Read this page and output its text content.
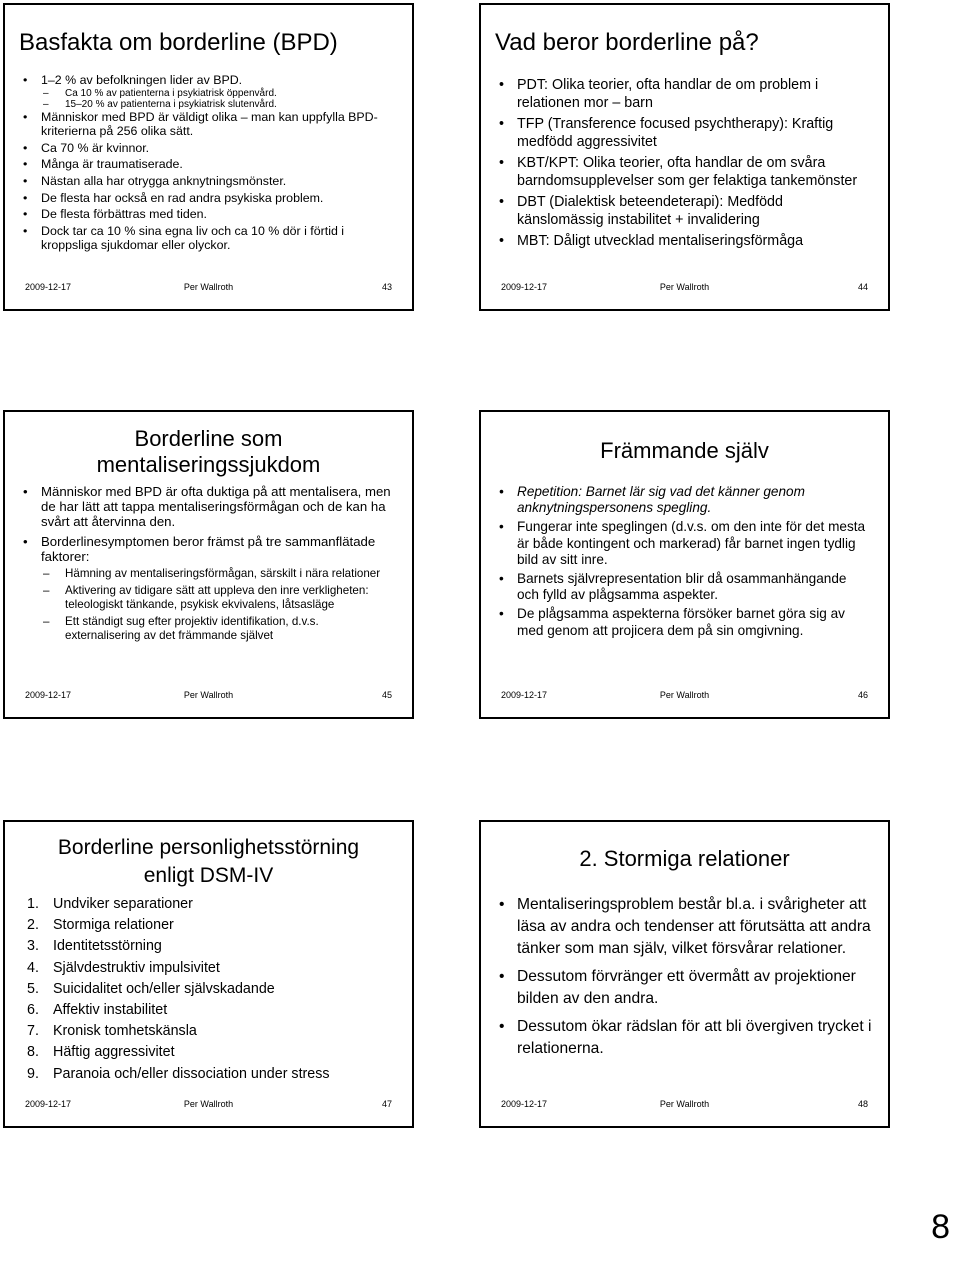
Basfakta om borderline (BPD)
• 1–2 % av befolkningen lider av BPD.
– Ca 10 % av patienterna i psykiatrisk öppenvård.
– 15–20 % av patienterna i psykiatrisk slutenvård.
• Människor med BPD är väldigt olika – man kan uppfylla BPD-kriterierna på 256 olika sätt.
• Ca 70 % är kvinnor.
• Många är traumatiserade.
• Nästan alla har otrygga anknytningsmönster.
• De flesta har också en rad andra psykiska problem.
• De flesta förbättras med tiden.
• Dock tar ca 10 % sina egna liv och ca 10 % dör i förtid i kroppsliga sjukdomar eller olyckor.
2009-12-17	Per Wallroth	43
Vad beror borderline på?
• PDT: Olika teorier, ofta handlar de om problem i relationen mor – barn
• TFP (Transference focused psychtherapy): Kraftig medfödd aggressivitet
• KBT/KPT: Olika teorier, ofta handlar de om svåra barndomsupplevelser som ger felaktiga tankemönster
• DBT (Dialektisk beteendeterapi): Medfödd känslomässig instabilitet + invalidering
• MBT: Dåligt utvecklad mentaliseringsförmåga
2009-12-17	Per Wallroth	44
Borderline som mentaliseringssjukdom
• Människor med BPD är ofta duktiga på att mentalisera, men de har lätt att tappa mentaliseringsförmågan och de kan ha svårt att återvinna den.
• Borderlinesymptomen beror främst på tre sammanflätade faktorer:
– Hämning av mentaliseringsförmågan, särskilt i nära relationer
– Aktivering av tidigare sätt att uppleva den inre verkligheten: teleologiskt tänkande, psykisk ekvivalens, låtsasläge
– Ett ständigt sug efter projektiv identifikation, d.v.s. externalisering av det främmande självet
2009-12-17	Per Wallroth	45
Främmande själv
• Repetition: Barnet lär sig vad det känner genom anknytningspersonens spegling.
• Fungerar inte speglingen (d.v.s. om den inte för det mesta är både kontingent och markerad) får barnet ingen tydlig bild av sitt inre.
• Barnets självrepresentation blir då osammanhängande och fylld av plågsamma aspekter.
• De plågsamma aspekterna försöker barnet göra sig av med genom att projicera dem på sin omgivning.
2009-12-17	Per Wallroth	46
Borderline personlighetsstörning enligt DSM-IV
1. Undviker separationer
2. Stormiga relationer
3. Identitetsstörning
4. Självdestruktiv impulsivitet
5. Suicidalitet och/eller självskadande
6. Affektiv instabilitet
7. Kronisk tomhetskänsla
8. Häftig aggressivitet
9. Paranoia och/eller dissociation under stress
2009-12-17	Per Wallroth	47
2. Stormiga relationer
• Mentaliseringsproblem består bl.a. i svårigheter att läsa av andra och tendenser att förutsätta att andra tänker som man själv, vilket försvårar relationer.
• Dessutom förvränger ett övermått av projektioner bilden av den andra.
• Dessutom ökar rädslan för att bli övergiven trycket i relationerna.
2009-12-17	Per Wallroth	48
8
